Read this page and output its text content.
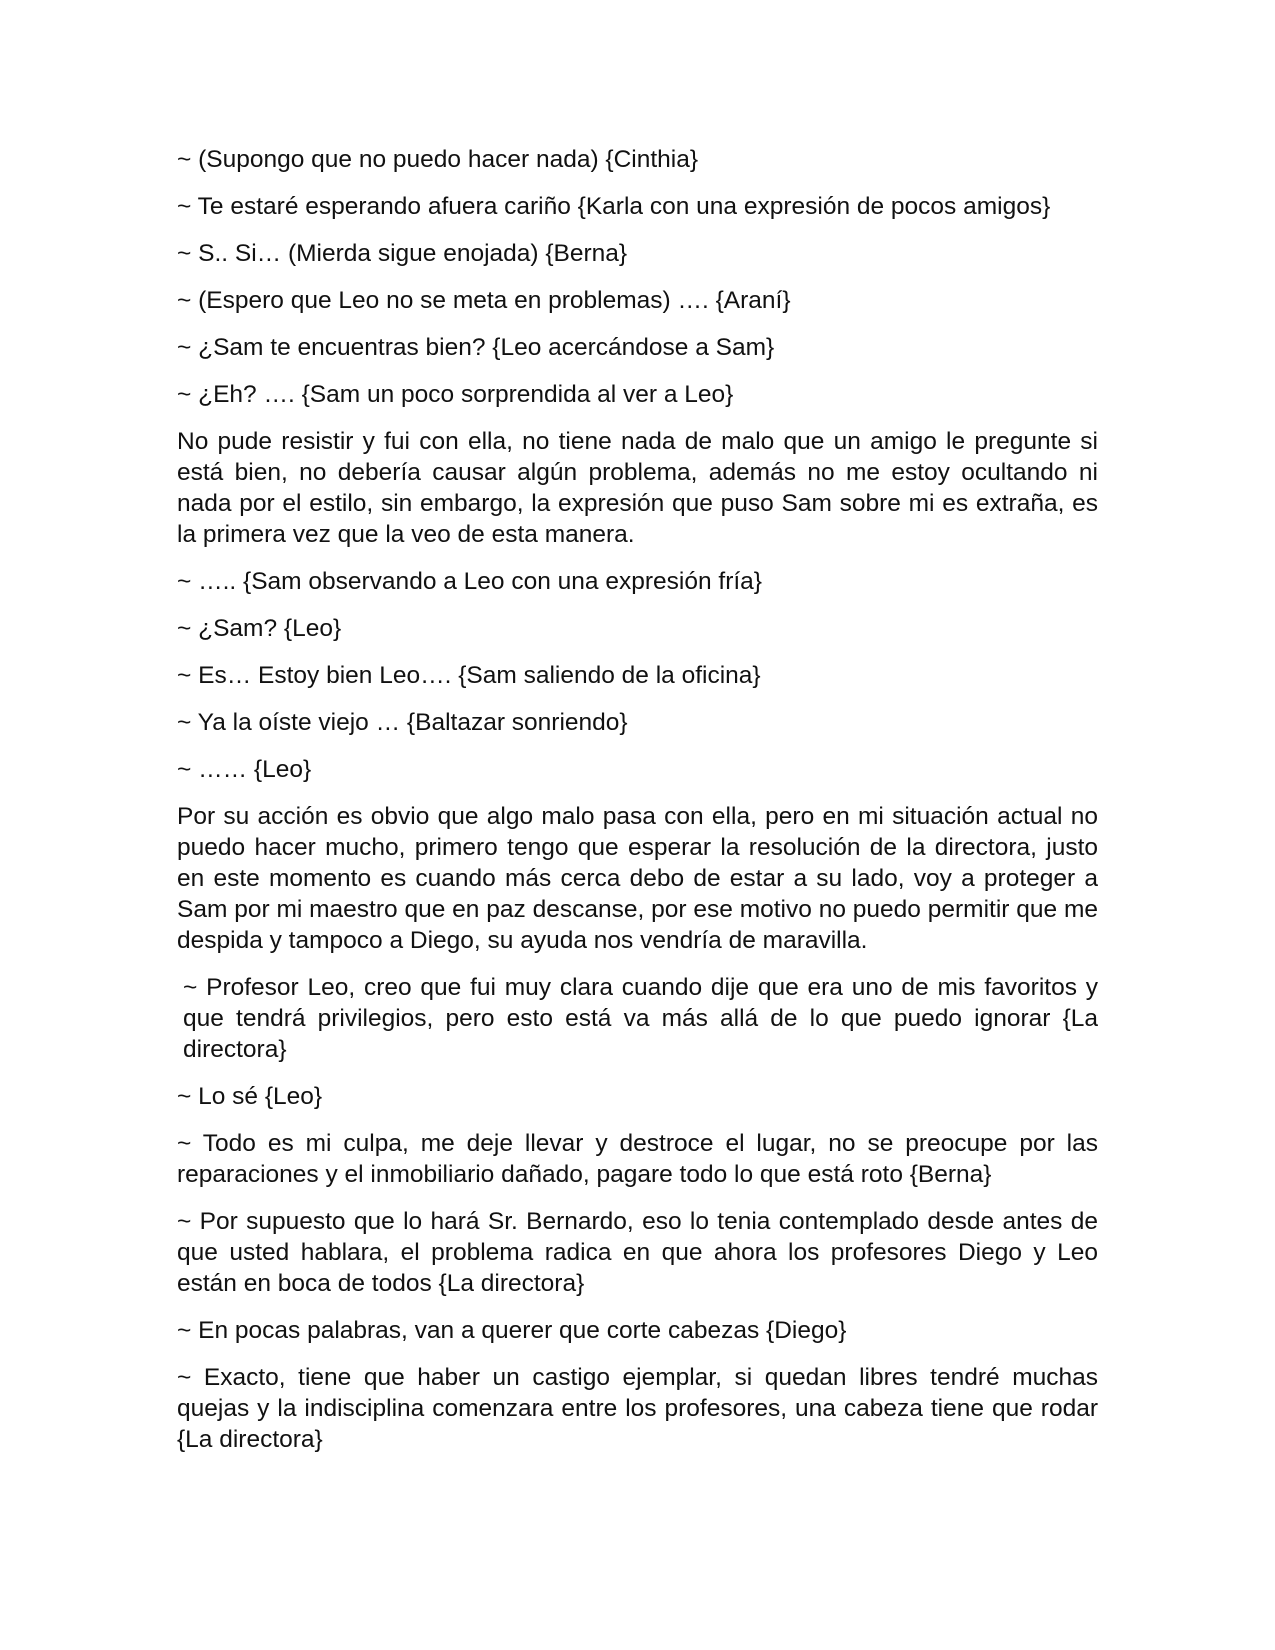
~ (Supongo que no puedo hacer nada) {Cinthia}

~ Te estaré esperando afuera cariño {Karla con una expresión de pocos amigos}

~ S.. Si… (Mierda sigue enojada) {Berna}

~ (Espero que Leo no se meta en problemas) …. {Araní}

~ ¿Sam te encuentras bien? {Leo acercándose a Sam}

~ ¿Eh? …. {Sam un poco sorprendida al ver a Leo}

No pude resistir y fui con ella, no tiene nada de malo que un amigo le pregunte si está bien, no debería causar algún problema, además no me estoy ocultando ni nada por el estilo, sin embargo, la expresión que puso Sam sobre mi es extraña, es la primera vez que la veo de esta manera.

~ ….. {Sam observando a Leo con una expresión fría}

~ ¿Sam? {Leo}

~ Es… Estoy bien Leo…. {Sam saliendo de la oficina}

~ Ya la oíste viejo … {Baltazar sonriendo}

~ …… {Leo}

Por su acción es obvio que algo malo pasa con ella, pero en mi situación actual no puedo hacer mucho, primero tengo que esperar la resolución de la directora, justo en este momento es cuando más cerca debo de estar a su lado, voy a proteger a Sam por mi maestro que en paz descanse, por ese motivo no puedo permitir que me despida y tampoco a Diego, su ayuda nos vendría de maravilla.

~ Profesor Leo, creo que fui muy clara cuando dije que era uno de mis favoritos y que tendrá privilegios, pero esto está va más allá de lo que puedo ignorar {La directora}

~ Lo sé {Leo}

~ Todo es mi culpa, me deje llevar y destroce el lugar, no se preocupe por las reparaciones y el inmobiliario dañado, pagare todo lo que está roto {Berna}

~ Por supuesto que lo hará Sr. Bernardo, eso lo tenia contemplado desde antes de que usted hablara, el problema radica en que ahora los profesores Diego y Leo están en boca de todos {La directora}

~ En pocas palabras, van a querer que corte cabezas {Diego}

~ Exacto, tiene que haber un castigo ejemplar, si quedan libres tendré muchas quejas y la indisciplina comenzara entre los profesores, una cabeza tiene que rodar {La directora}
